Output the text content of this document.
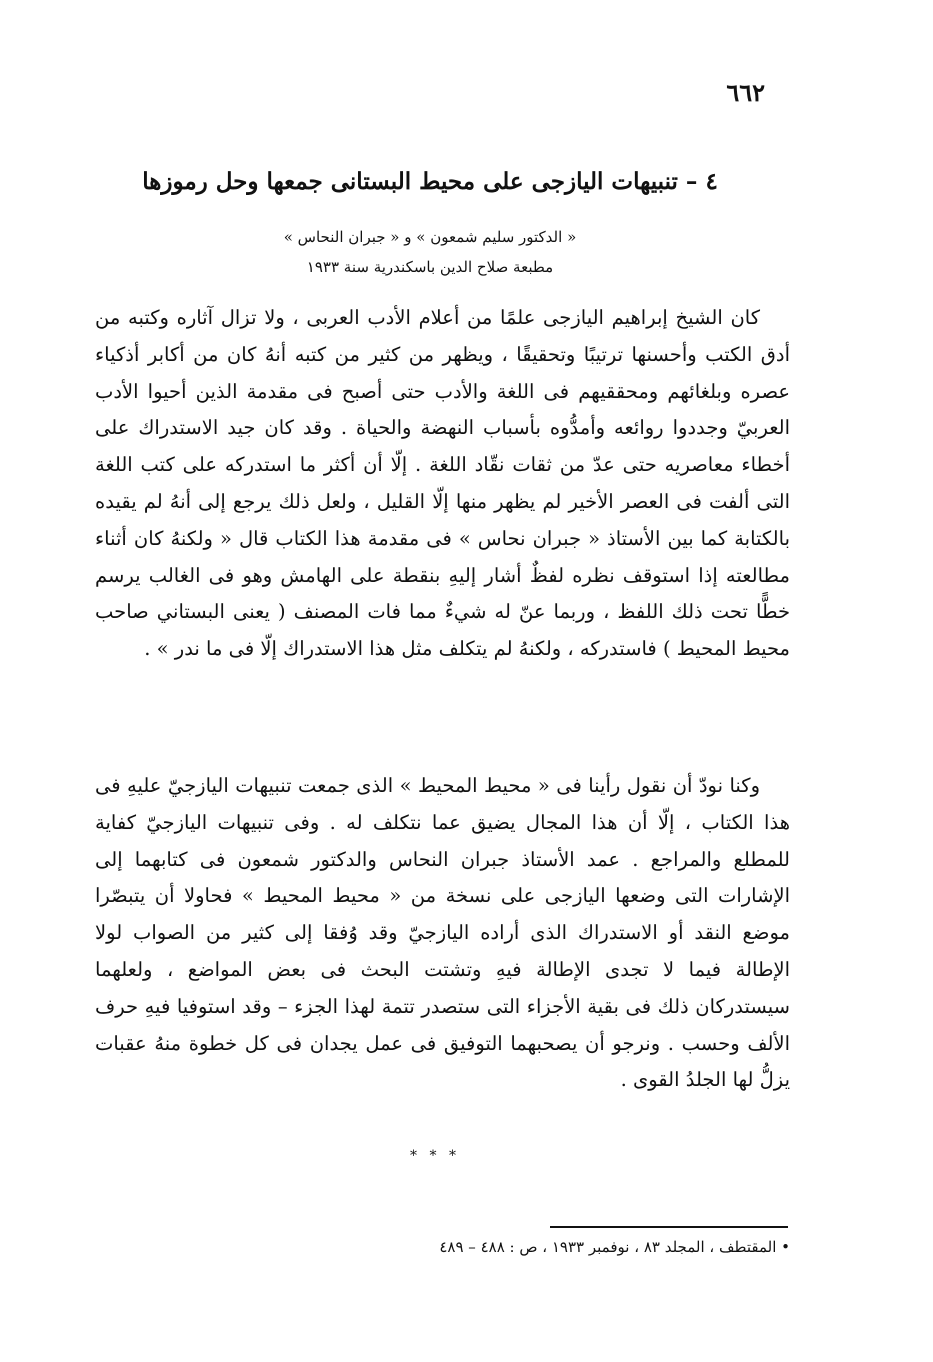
٦٦٢
٤ – تنبيهات اليازجى على محيط البستانى جمعها وحل رموزها
« الدكتور سليم شمعون » و « جبران النحاس »
مطبعة صلاح الدين باسكندرية سنة ١٩٣٣

كان الشيخ إبراهيم اليازجى علمًا من أعلام الأدب العربى ، ولا تزال آثاره وكتبه من أدق الكتب وأحسنها ترتيبًا وتحقيقًا ، ويظهر من كثير من كتبه أنهُ كان من أكابر أذكياء عصره وبلغائهم ومحققيهم فى اللغة والأدب حتى أصبح فى مقدمة الذين أحيوا الأدب العربيّ وجددوا روائعه وأمدُّوه بأسباب النهضة والحياة . وقد كان جيد الاستدراك على أخطاء معاصريه حتى عدّ من ثقات نقّاد اللغة . إلّا أن أكثر ما استدركه على كتب اللغة التى ألفت فى العصر الأخير لم يظهر منها إلّا القليل ، ولعل ذلك يرجع إلى أنهُ لم يقيده بالكتابة كما بين الأستاذ « جبران نحاس » فى مقدمة هذا الكتاب قال « ولكنهُ كان أثناء مطالعته إذا استوقف نظره لفظٌ أشار إليهِ بنقطة على الهامش وهو فى الغالب يرسم خطًّا تحت ذلك اللفظ ، وربما عنّ له شيءٌ مما فات المصنف ( يعنى البستاني صاحب محيط المحيط ) فاستدركه ، ولكنهُ لم يتكلف مثل هذا الاستدراك إلّا فى ما ندر » .

وكنا نودّ أن نقول رأينا فى « محيط المحيط » الذى جمعت تنبيهات اليازجيّ عليهِ فى هذا الكتاب ، إلّا أن هذا المجال يضيق عما نتكلف له . وفى تنبيهات اليازجيّ كفاية للمطلع والمراجع . عمد الأستاذ جبران النحاس والدكتور شمعون فى كتابهما إلى الإشارات التى وضعها اليازجى على نسخة من « محيط المحيط » فحاولا أن يتبصّرا موضع النقد أو الاستدراك الذى أراده اليازجيّ وقد وُفقا إلى كثير من الصواب لولا الإطالة فيما لا تجدى الإطالة فيهِ وتشتت البحث فى بعض المواضع ، ولعلهما سيستدركان ذلك فى بقية الأجزاء التى ستصدر تتمة لهذا الجزء – وقد استوفيا فيهِ حرف الألف وحسب . ونرجو أن يصحبهما التوفيق فى عمل يجدان فى كل خطوة منهُ عقبات يزلُّ لها الجلدُ القوى .

* * *
• المقتطف ، المجلد ٨٣ ، نوفمبر ١٩٣٣ ، ص : ٤٨٨ – ٤٨٩
